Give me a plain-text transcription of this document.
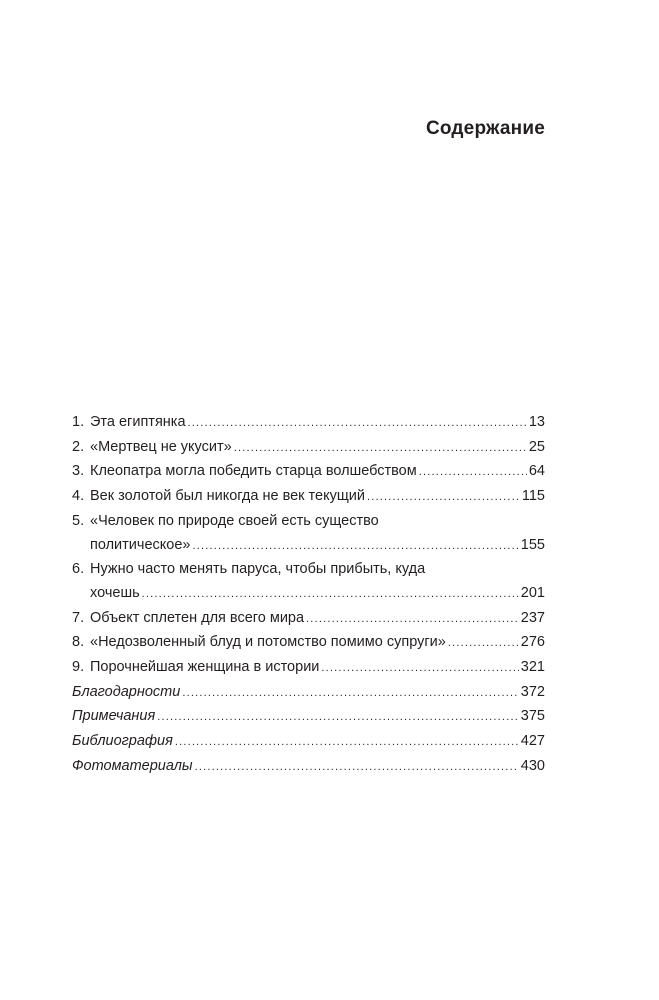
Содержание
1. Эта египтянка .....	13
2. «Мертвец не укусит» .....	25
3. Клеопатра могла победить старца волшебством .....	64
4. Век золотой был никогда не век текущий .....	115
5. «Человек по природе своей есть существо
политическое» .....	155
6. Нужно часто менять паруса, чтобы прибыть, куда
хочешь .....	201
7. Объект сплетен для всего мира .....	237
8. «Недозволенный блуд и потомство помимо супруги» .....	276
9. Порочнейшая женщина в истории .....	321
Благодарности .....	372
Примечания .....	375
Библиография .....	427
Фотоматериалы .....	430
